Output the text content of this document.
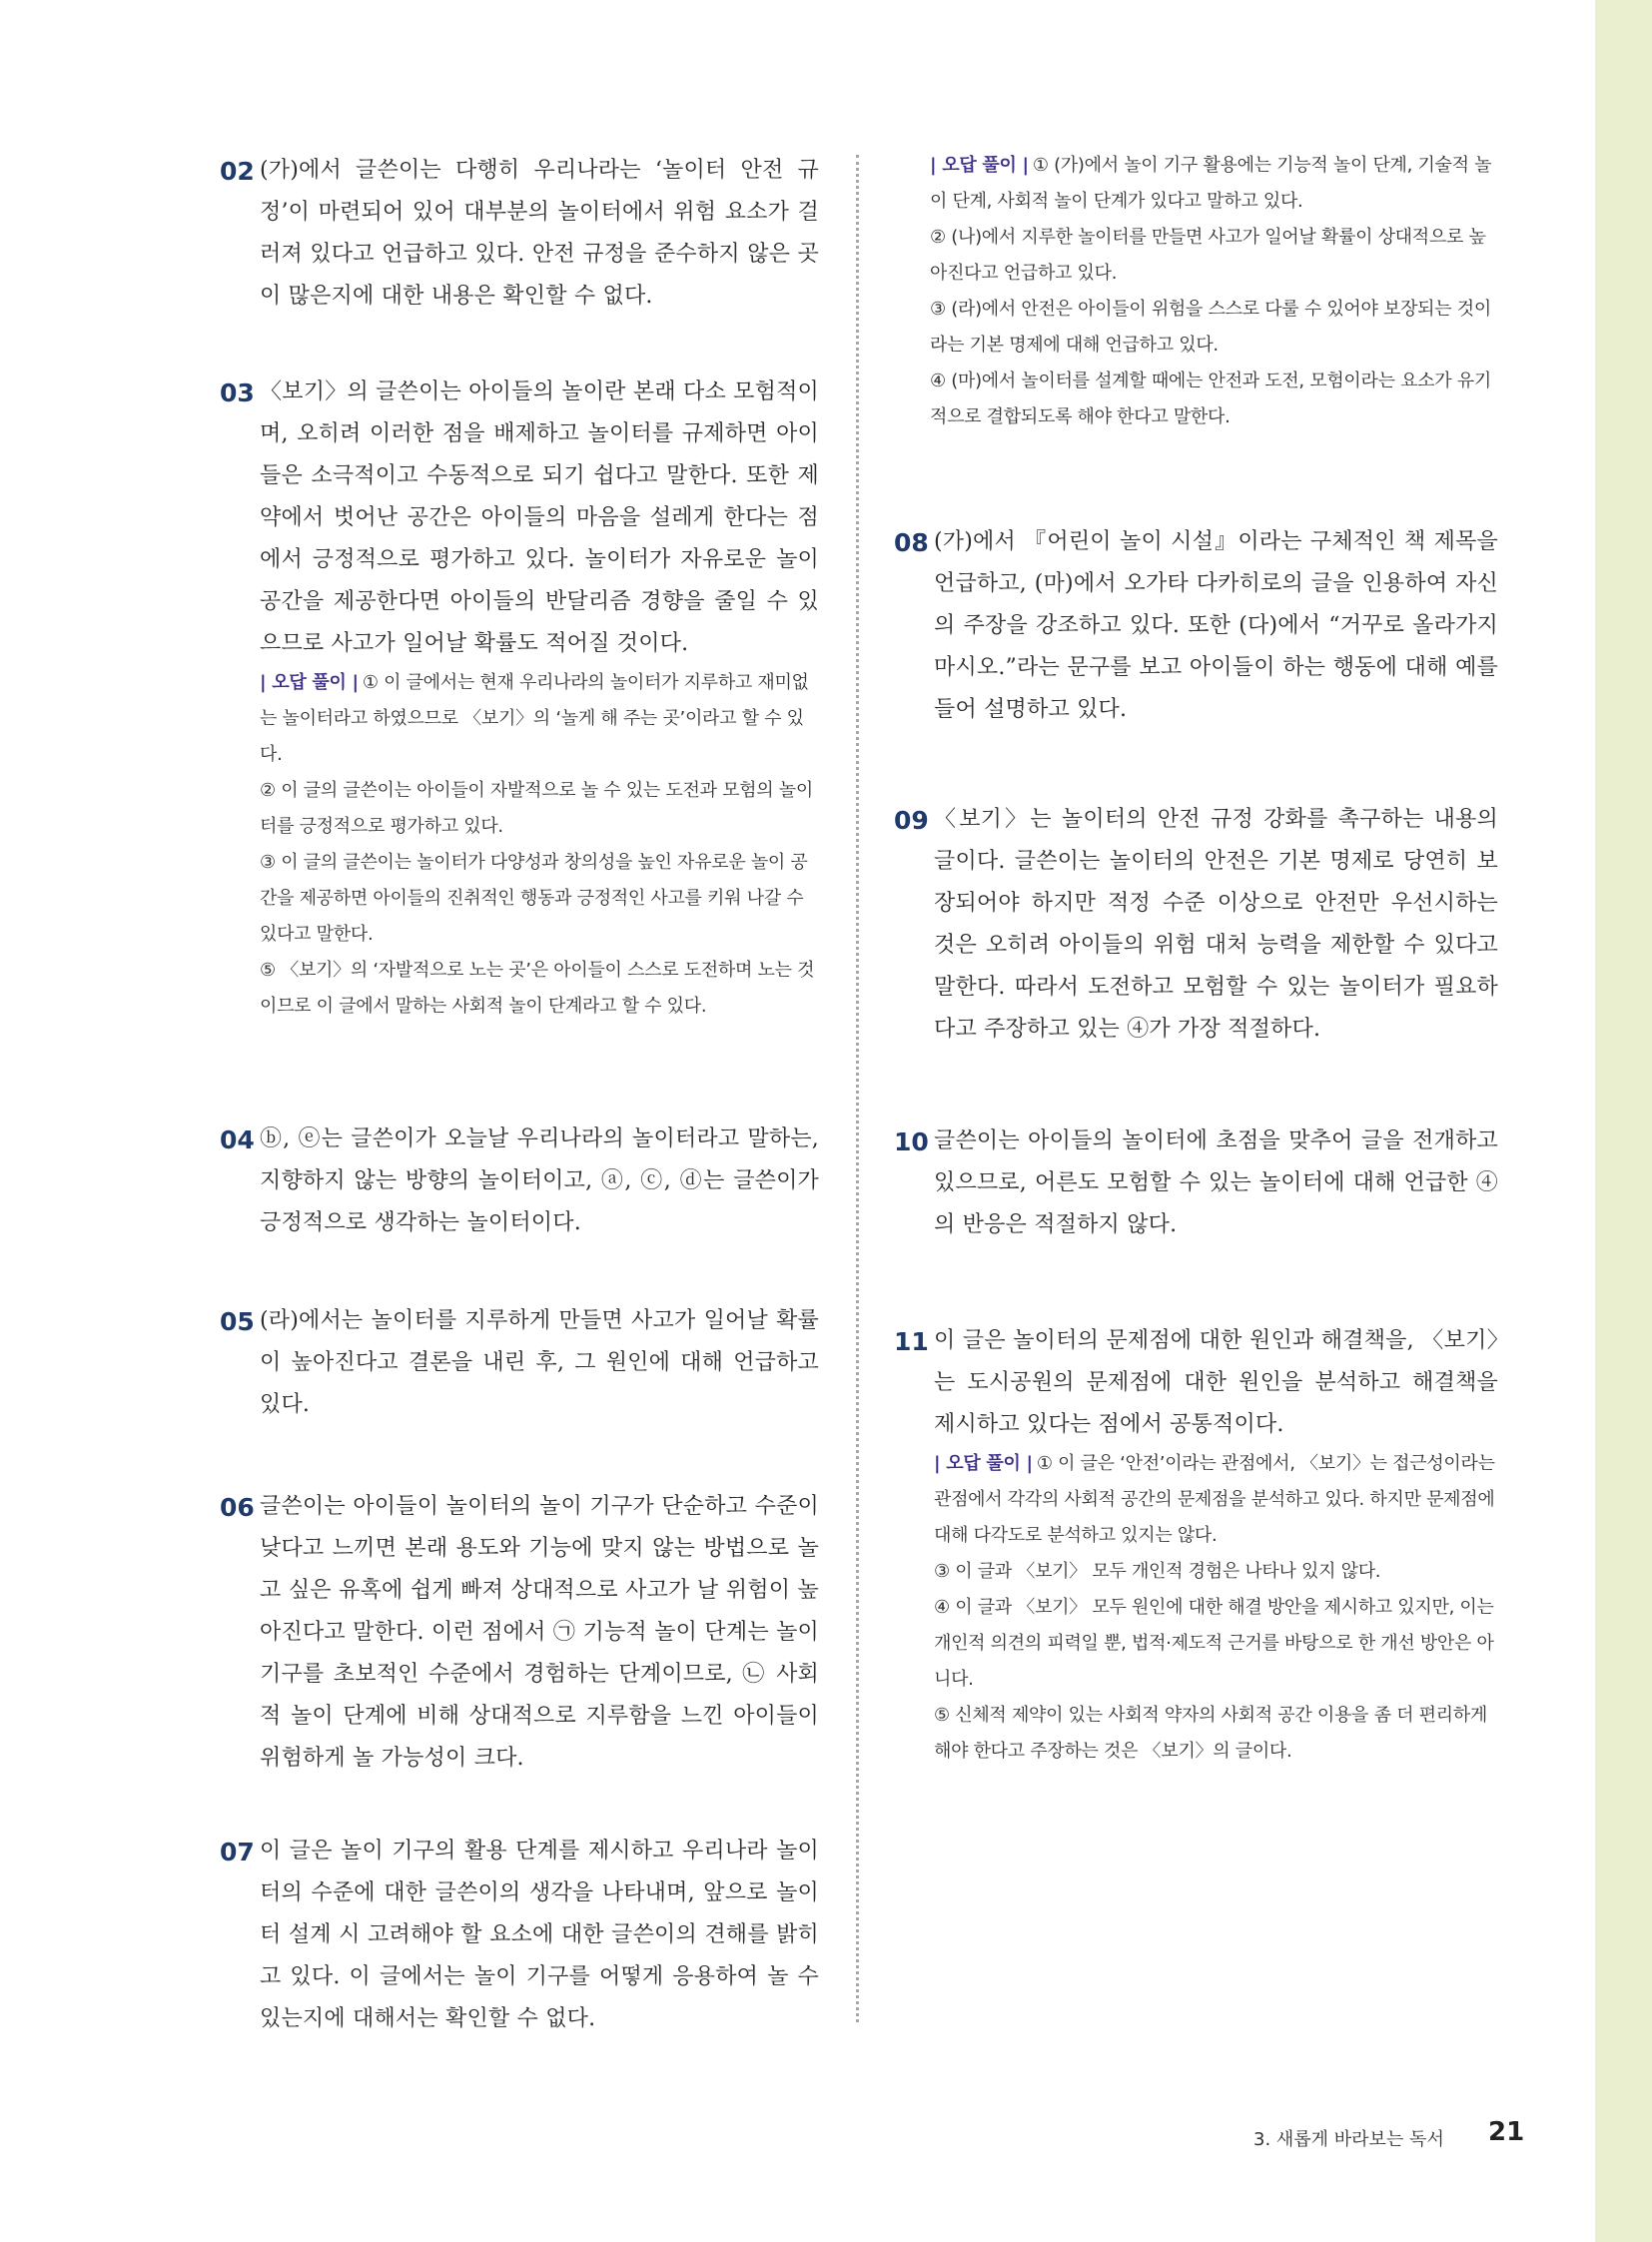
02 (가)에서 글쓴이는 다행히 우리나라는 ‘놀이터 안전 규정’이 마련되어 있어 대부분의 놀이터에서 위험 요소가 걸러져 있다고 언급하고 있다. 안전 규정을 준수하지 않은 곳이 많은지에 대한 내용은 확인할 수 없다.
03 〈보기〉의 글쓴이는 아이들의 놀이란 본래 다소 모험적이며, 오히려 이러한 점을 배제하고 놀이터를 규제하면 아이들은 소극적이고 수동적으로 되기 쉽다고 말한다. 또한 제약에서 벗어난 공간은 아이들의 마음을 설레게 한다는 점에서 긍정적으로 평가하고 있다. 놀이터가 자유로운 놀이 공간을 제공한다면 아이들의 반달리즘 경향을 줄일 수 있으므로 사고가 일어날 확률도 적어질 것이다.
| 오답 풀이 | ① 이 글에서는 현재 우리나라의 놀이터가 지루하고 재미없는 놀이터라고 하였으므로 〈보기〉의 ‘놀게 해 주는 곳’이라고 할 수 있다.
② 이 글의 글쓴이는 아이들이 자발적으로 놀 수 있는 도전과 모험의 놀이터를 긍정적으로 평가하고 있다.
③ 이 글의 글쓴이는 놀이터가 다양성과 창의성을 높인 자유로운 놀이 공간을 제공하면 아이들의 진취적인 행동과 긍정적인 사고를 키워 나갈 수 있다고 말한다.
⑤ 〈보기〉의 ‘자발적으로 노는 곳’은 아이들이 스스로 도전하며 노는 것이므로 이 글에서 말하는 사회적 놀이 단계라고 할 수 있다.
04 ⓑ, ⓔ는 글쓴이가 오늘날 우리나라의 놀이터라고 말하는, 지향하지 않는 방향의 놀이터이고, ⓐ, ⓒ, ⓓ는 글쓴이가 긍정적으로 생각하는 놀이터이다.
05 (라)에서는 놀이터를 지루하게 만들면 사고가 일어날 확률이 높아진다고 결론을 내린 후, 그 원인에 대해 언급하고 있다.
06 글쓴이는 아이들이 놀이터의 놀이 기구가 단순하고 수준이 낮다고 느끼면 본래 용도와 기능에 맞지 않는 방법으로 놀고 싶은 유혹에 쉽게 빠져 상대적으로 사고가 날 위험이 높아진다고 말한다. 이런 점에서 ㉠ 기능적 놀이 단계는 놀이 기구를 초보적인 수준에서 경험하는 단계이므로, ㉡ 사회적 놀이 단계에 비해 상대적으로 지루함을 느낀 아이들이 위험하게 놀 가능성이 크다.
07 이 글은 놀이 기구의 활용 단계를 제시하고 우리나라 놀이터의 수준에 대한 글쓴이의 생각을 나타내며, 앞으로 놀이터 설계 시 고려해야 할 요소에 대한 글쓴이의 견해를 밝히고 있다. 이 글에서는 놀이 기구를 어떻게 응용하여 놀 수 있는지에 대해서는 확인할 수 없다.
| 오답 풀이 | ① (가)에서 놀이 기구 활용에는 기능적 놀이 단계, 기술적 놀이 단계, 사회적 놀이 단계가 있다고 말하고 있다.
② (나)에서 지루한 놀이터를 만들면 사고가 일어날 확률이 상대적으로 높아진다고 언급하고 있다.
③ (라)에서 안전은 아이들이 위험을 스스로 다룰 수 있어야 보장되는 것이라는 기본 명제에 대해 언급하고 있다.
④ (마)에서 놀이터를 설계할 때에는 안전과 도전, 모험이라는 요소가 유기적으로 결합되도록 해야 한다고 말한다.
08 (가)에서 『어린이 놀이 시설』이라는 구체적인 책 제목을 언급하고, (마)에서 오가타 다카히로의 글을 인용하여 자신의 주장을 강조하고 있다. 또한 (다)에서 “거꾸로 올라가지 마시오.”라는 문구를 보고 아이들이 하는 행동에 대해 예를 들어 설명하고 있다.
09 〈보기〉는 놀이터의 안전 규정 강화를 촉구하는 내용의 글이다. 글쓴이는 놀이터의 안전은 기본 명제로 당연히 보장되어야 하지만 적정 수준 이상으로 안전만 우선시하는 것은 오히려 아이들의 위험 대처 능력을 제한할 수 있다고 말한다. 따라서 도전하고 모험할 수 있는 놀이터가 필요하다고 주장하고 있는 ④가 가장 적절하다.
10 글쓴이는 아이들의 놀이터에 초점을 맞추어 글을 전개하고 있으므로, 어른도 모험할 수 있는 놀이터에 대해 언급한 ④의 반응은 적절하지 않다.
11 이 글은 놀이터의 문제점에 대한 원인과 해결책을, 〈보기〉는 도시공원의 문제점에 대한 원인을 분석하고 해결책을 제시하고 있다는 점에서 공통적이다.
| 오답 풀이 | ① 이 글은 ‘안전’이라는 관점에서, 〈보기〉는 접근성이라는 관점에서 각각의 사회적 공간의 문제점을 분석하고 있다. 하지만 문제점에 대해 다각도로 분석하고 있지는 않다.
③ 이 글과 〈보기〉 모두 개인적 경험은 나타나 있지 않다.
④ 이 글과 〈보기〉 모두 원인에 대한 해결 방안을 제시하고 있지만, 이는 개인적 의견의 피력일 뿐, 법적·제도적 근거를 바탕으로 한 개선 방안은 아니다.
⑤ 신체적 제약이 있는 사회적 약자의 사회적 공간 이용을 좀 더 편리하게 해야 한다고 주장하는 것은 〈보기〉의 글이다.
3. 새롭게 바라보는 독서 21
